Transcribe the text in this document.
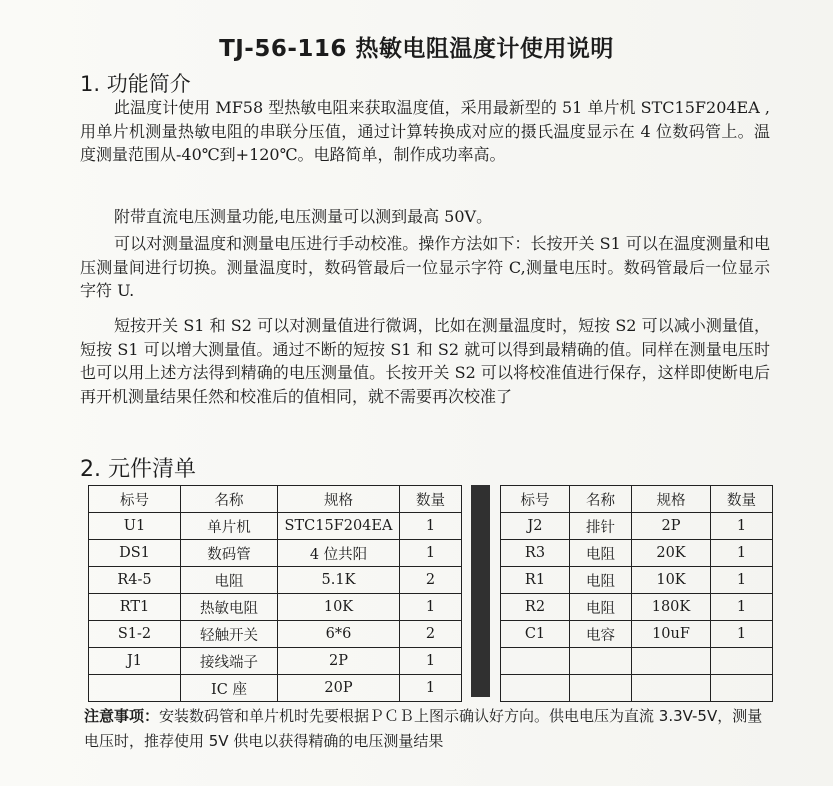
TJ-56-116 热敏电阻温度计使用说明
1. 功能简介

此温度计使用 MF58 型热敏电阻来获取温度值，采用最新型的 51 单片机 STC15F204EA ,用单片机测量热敏电阻的串联分压值，通过计算转换成对应的摄氏温度显示在 4 位数码管上。温度测量范围从-40℃到+120℃。电路简单，制作成功率高。

附带直流电压测量功能,电压测量可以测到最高 50V。

可以对测量温度和测量电压进行手动校准。操作方法如下：长按开关 S1 可以在温度测量和电压测量间进行切换。测量温度时，数码管最后一位显示字符 C,测量电压时。数码管最后一位显示字符 U.

短按开关 S1 和 S2 可以对测量值进行微调，比如在测量温度时，短按 S2 可以减小测量值，短按 S1 可以增大测量值。通过不断的短按 S1 和 S2 就可以得到最精确的值。同样在测量电压时也可以用上述方法得到精确的电压测量值。长按开关 S2 可以将校准值进行保存，这样即使断电后再开机测量结果任然和校准后的值相同，就不需要再次校准了

2. 元件清单
标号	名称	规格	数量
U1	单片机	STC15F204EA	1
DS1	数码管	4 位共阳	1
R4-5	电阻	5.1K	2
RT1	热敏电阻	10K	1
S1-2	轻触开关	6*6	2
J1	接线端子	2P	1
	IC 座	20P	1
标号	名称	规格	数量
J2	排针	2P	1
R3	电阻	20K	1
R1	电阻	10K	1
R2	电阻	180K	1
C1	电容	10uF	1

注意事项：安装数码管和单片机时先要根据ＰＣＢ上图示确认好方向。供电电压为直流 3.3V-5V，测量电压时，推荐使用 5V 供电以获得精确的电压测量结果
